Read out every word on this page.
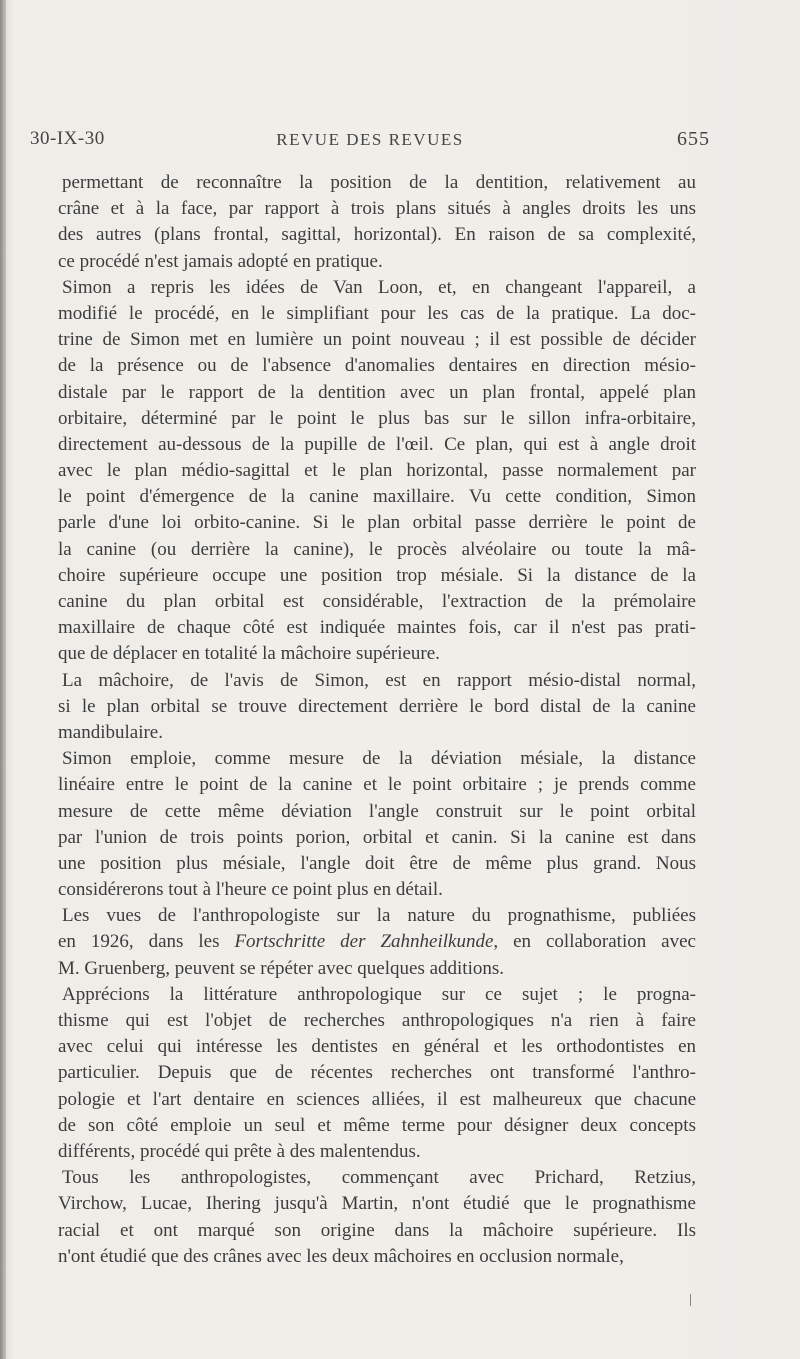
30-IX-30	REVUE DES REVUES	655
permettant de reconnaître la position de la dentition, relativement au
crâne et à la face, par rapport à trois plans situés à angles droits les uns
des autres (plans frontal, sagittal, horizontal). En raison de sa complexité,
ce procédé n'est jamais adopté en pratique.
Simon a repris les idées de Van Loon, et, en changeant l'appareil, a
modifié le procédé, en le simplifiant pour les cas de la pratique. La doc-
trine de Simon met en lumière un point nouveau ; il est possible de décider
de la présence ou de l'absence d'anomalies dentaires en direction mésio-
distale par le rapport de la dentition avec un plan frontal, appelé plan
orbitaire, déterminé par le point le plus bas sur le sillon infra-orbitaire,
directement au-dessous de la pupille de l'œil. Ce plan, qui est à angle droit
avec le plan médio-sagittal et le plan horizontal, passe normalement par
le point d'émergence de la canine maxillaire. Vu cette condition, Simon
parle d'une loi orbito-canine. Si le plan orbital passe derrière le point de
la canine (ou derrière la canine), le procès alvéolaire ou toute la mâ-
choire supérieure occupe une position trop mésiale. Si la distance de la
canine du plan orbital est considérable, l'extraction de la prémolaire
maxillaire de chaque côté est indiquée maintes fois, car il n'est pas prati-
que de déplacer en totalité la mâchoire supérieure.
La mâchoire, de l'avis de Simon, est en rapport mésio-distal normal,
si le plan orbital se trouve directement derrière le bord distal de la canine
mandibulaire.
Simon emploie, comme mesure de la déviation mésiale, la distance
linéaire entre le point de la canine et le point orbitaire ; je prends comme
mesure de cette même déviation l'angle construit sur le point orbital
par l'union de trois points porion, orbital et canin. Si la canine est dans
une position plus mésiale, l'angle doit être de même plus grand. Nous
considérerons tout à l'heure ce point plus en détail.
Les vues de l'anthropologiste sur la nature du prognathisme, publiées
en 1926, dans les Fortschritte der Zahnheilkunde, en collaboration avec
M. Gruenberg, peuvent se répéter avec quelques additions.
Apprécions la littérature anthropologique sur ce sujet ; le progna-
thisme qui est l'objet de recherches anthropologiques n'a rien à faire
avec celui qui intéresse les dentistes en général et les orthodontistes en
particulier. Depuis que de récentes recherches ont transformé l'anthro-
pologie et l'art dentaire en sciences alliées, il est malheureux que chacune
de son côté emploie un seul et même terme pour désigner deux concepts
différents, procédé qui prête à des malentendus.
Tous les anthropologistes, commençant avec Prichard, Retzius,
Virchow, Lucae, Ihering jusqu'à Martin, n'ont étudié que le prognathisme
racial et ont marqué son origine dans la mâchoire supérieure. Ils
n'ont étudié que des crânes avec les deux mâchoires en occlusion normale,
